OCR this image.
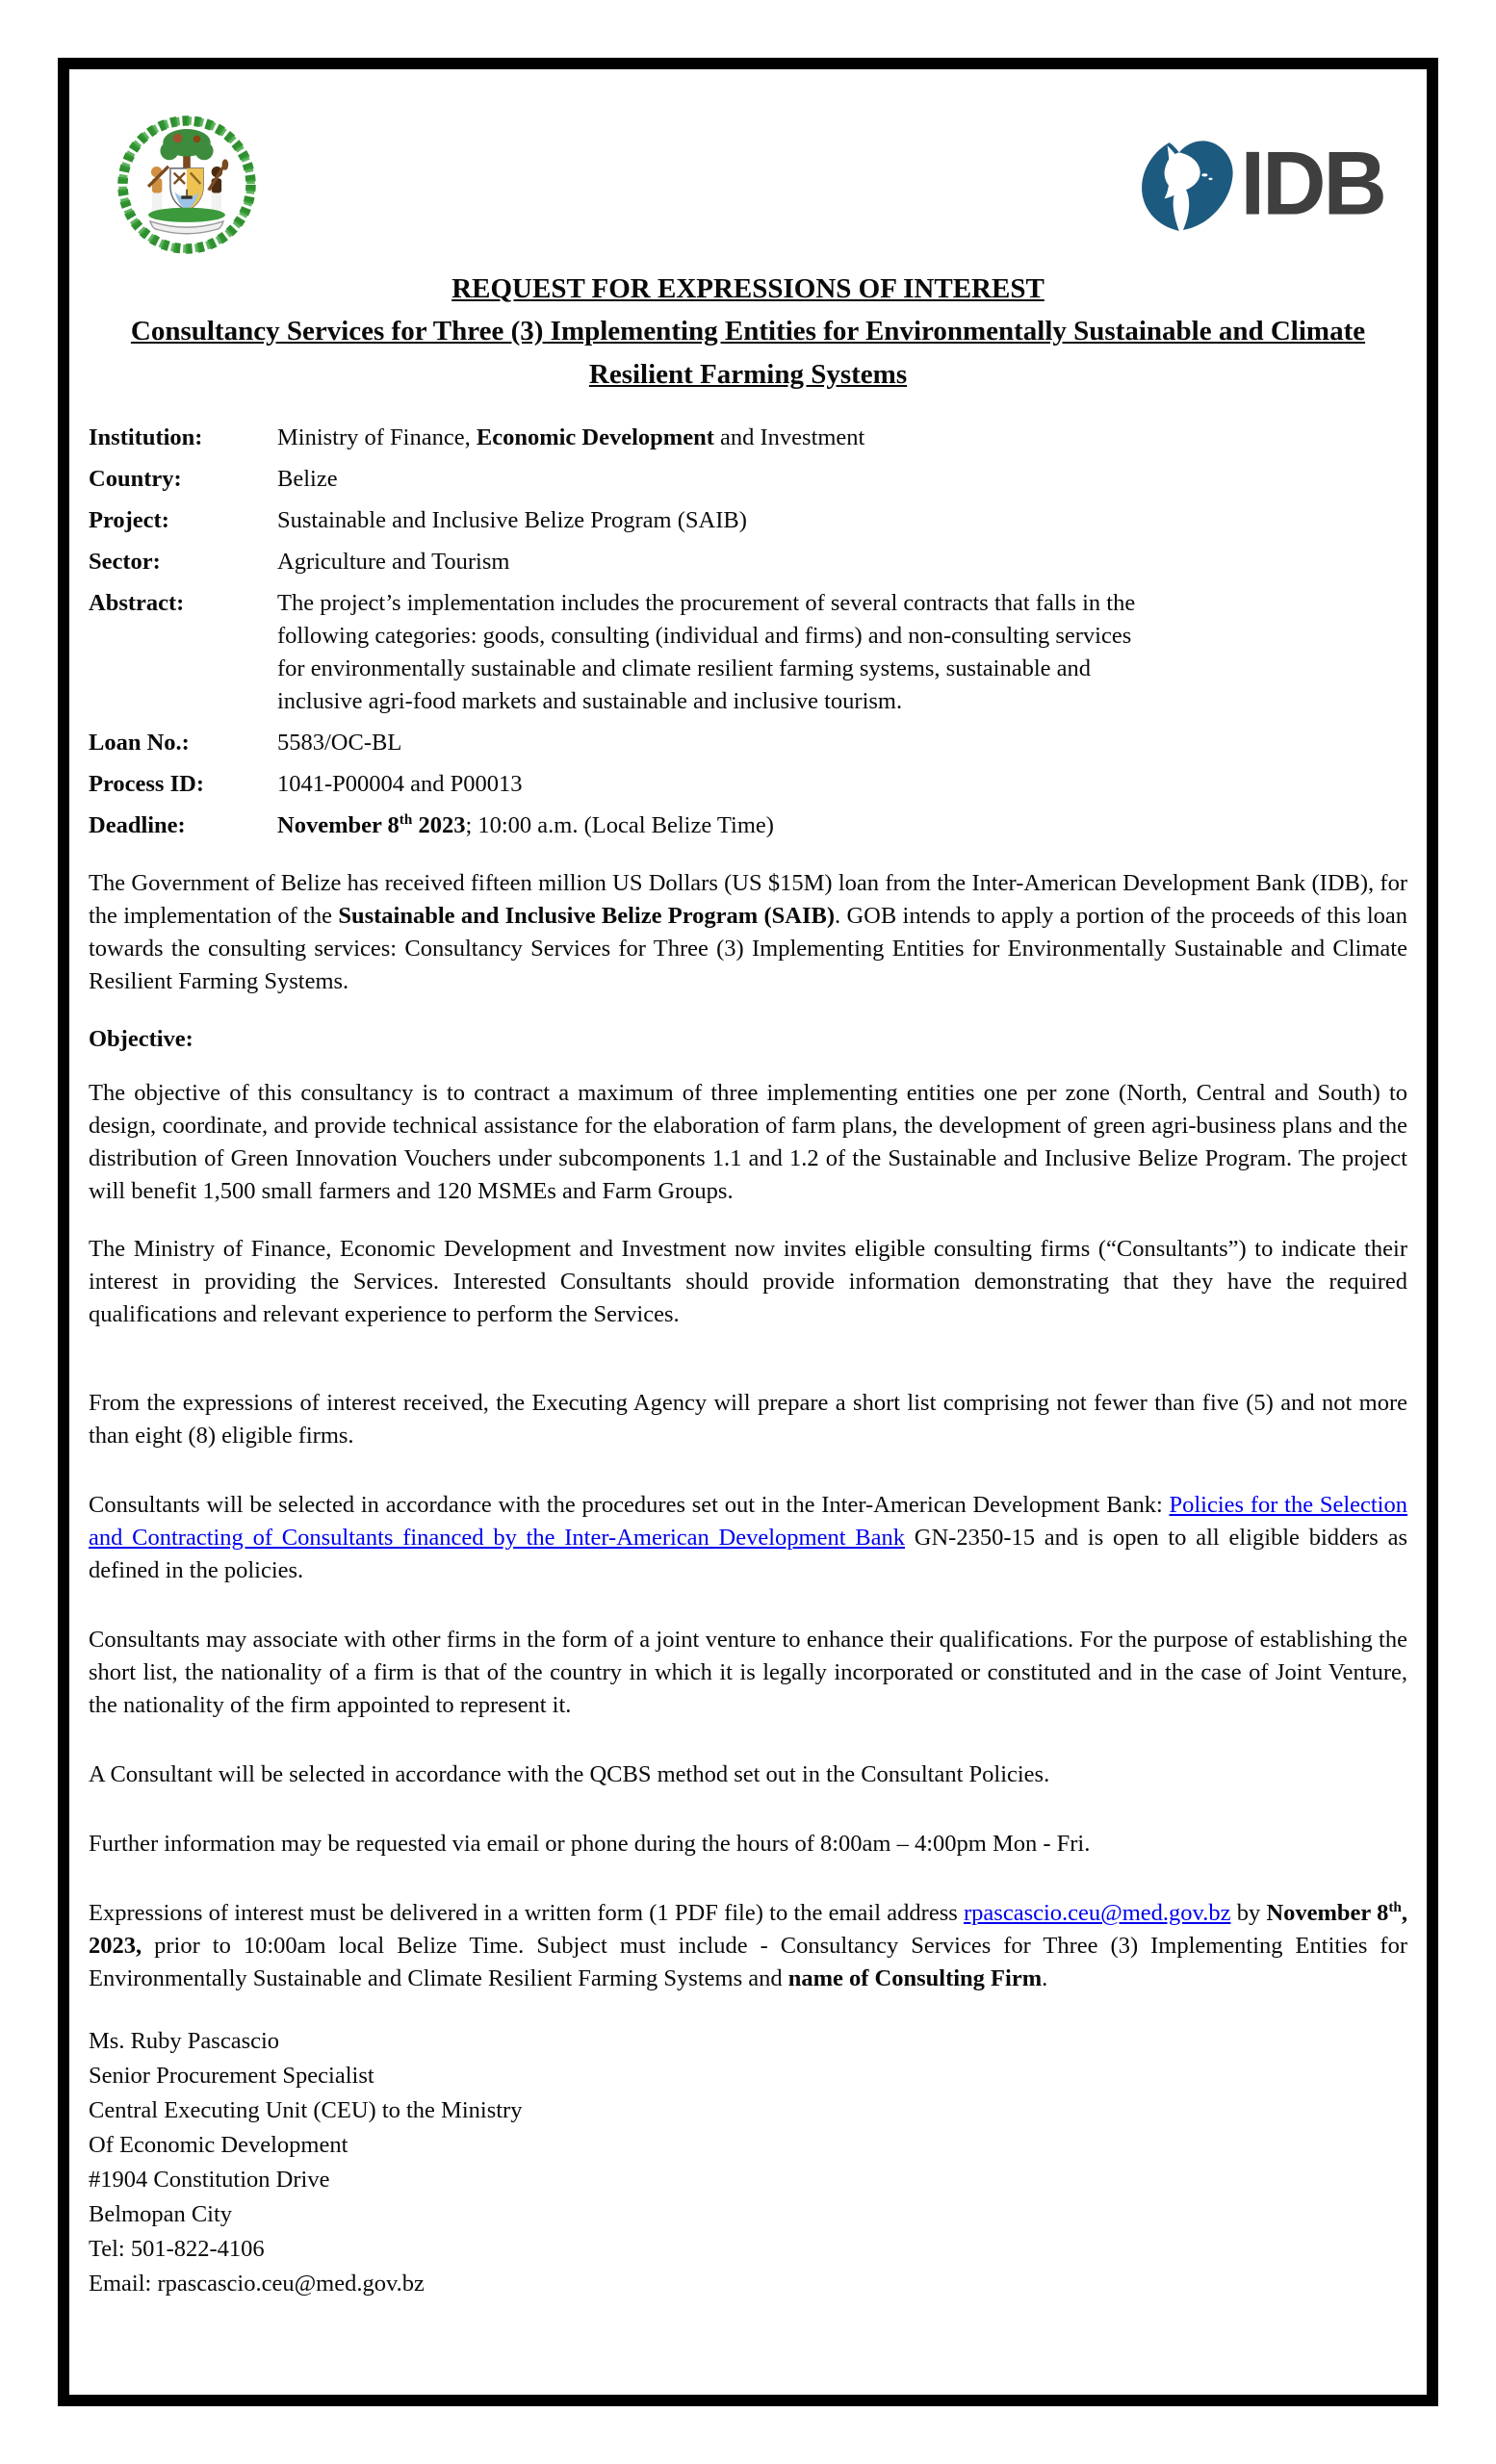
IDB
REQUEST FOR EXPRESSIONS OF INTEREST
Consultancy Services for Three (3) Implementing Entities for Environmentally Sustainable and Climate Resilient Farming Systems
Institution:	Ministry of Finance, Economic Development and Investment
Country:	Belize
Project:	Sustainable and Inclusive Belize Program (SAIB)
Sector:	Agriculture and Tourism
Abstract:	The project’s implementation includes the procurement of several contracts that falls in the following categories: goods, consulting (individual and firms) and non-consulting services for environmentally sustainable and climate resilient farming systems, sustainable and inclusive agri-food markets and sustainable and inclusive tourism.
Loan No.:	5583/OC-BL
Process ID:	1041-P00004 and P00013
Deadline:	November 8th 2023; 10:00 a.m. (Local Belize Time)
The Government of Belize has received fifteen million US Dollars (US $15M) loan from the Inter-American Development Bank (IDB), for the implementation of the Sustainable and Inclusive Belize Program (SAIB). GOB intends to apply a portion of the proceeds of this loan towards the consulting services: Consultancy Services for Three (3) Implementing Entities for Environmentally Sustainable and Climate Resilient Farming Systems.
Objective:
The objective of this consultancy is to contract a maximum of three implementing entities one per zone (North, Central and South) to design, coordinate, and provide technical assistance for the elaboration of farm plans, the development of green agri-business plans and the distribution of Green Innovation Vouchers under subcomponents 1.1 and 1.2 of the Sustainable and Inclusive Belize Program. The project will benefit 1,500 small farmers and 120 MSMEs and Farm Groups.
The Ministry of Finance, Economic Development and Investment now invites eligible consulting firms (“Consultants”) to indicate their interest in providing the Services. Interested Consultants should provide information demonstrating that they have the required qualifications and relevant experience to perform the Services.
From the expressions of interest received, the Executing Agency will prepare a short list comprising not fewer than five (5) and not more than eight (8) eligible firms.
Consultants will be selected in accordance with the procedures set out in the Inter-American Development Bank: Policies for the Selection and Contracting of Consultants financed by the Inter-American Development Bank GN-2350-15 and is open to all eligible bidders as defined in the policies.
Consultants may associate with other firms in the form of a joint venture to enhance their qualifications. For the purpose of establishing the short list, the nationality of a firm is that of the country in which it is legally incorporated or constituted and in the case of Joint Venture, the nationality of the firm appointed to represent it.
A Consultant will be selected in accordance with the QCBS method set out in the Consultant Policies.
Further information may be requested via email or phone during the hours of 8:00am – 4:00pm Mon - Fri.
Expressions of interest must be delivered in a written form (1 PDF file) to the email address rpascascio.ceu@med.gov.bz by November 8th, 2023, prior to 10:00am local Belize Time. Subject must include - Consultancy Services for Three (3) Implementing Entities for Environmentally Sustainable and Climate Resilient Farming Systems and name of Consulting Firm.
Ms. Ruby Pascascio
Senior Procurement Specialist
Central Executing Unit (CEU) to the Ministry
Of Economic Development
#1904 Constitution Drive
Belmopan City
Tel: 501-822-4106
Email: rpascascio.ceu@med.gov.bz
